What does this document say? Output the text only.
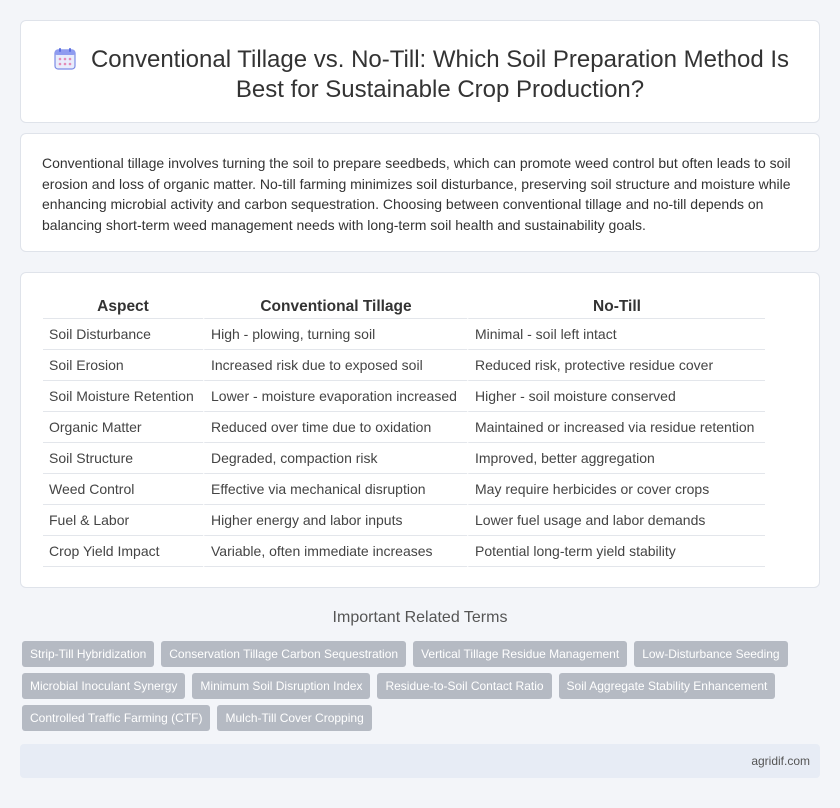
Conventional Tillage vs. No-Till: Which Soil Preparation Method Is Best for Sustainable Crop Production?

Conventional tillage involves turning the soil to prepare seedbeds, which can promote weed control but often leads to soil erosion and loss of organic matter. No-till farming minimizes soil disturbance, preserving soil structure and moisture while enhancing microbial activity and carbon sequestration. Choosing between conventional tillage and no-till depends on balancing short-term weed management needs with long-term soil health and sustainability goals.

Aspect	Conventional Tillage	No-Till
Soil Disturbance	High - plowing, turning soil	Minimal - soil left intact
Soil Erosion	Increased risk due to exposed soil	Reduced risk, protective residue cover
Soil Moisture Retention	Lower - moisture evaporation increased	Higher - soil moisture conserved
Organic Matter	Reduced over time due to oxidation	Maintained or increased via residue retention
Soil Structure	Degraded, compaction risk	Improved, better aggregation
Weed Control	Effective via mechanical disruption	May require herbicides or cover crops
Fuel & Labor	Higher energy and labor inputs	Lower fuel usage and labor demands
Crop Yield Impact	Variable, often immediate increases	Potential long-term yield stability
Important Related Terms
Strip-Till Hybridization	Conservation Tillage Carbon Sequestration	Vertical Tillage Residue Management	Low-Disturbance Seeding
Microbial Inoculant Synergy	Minimum Soil Disruption Index	Residue-to-Soil Contact Ratio	Soil Aggregate Stability Enhancement
Controlled Traffic Farming (CTF)	Mulch-Till Cover Cropping
agridif.com
